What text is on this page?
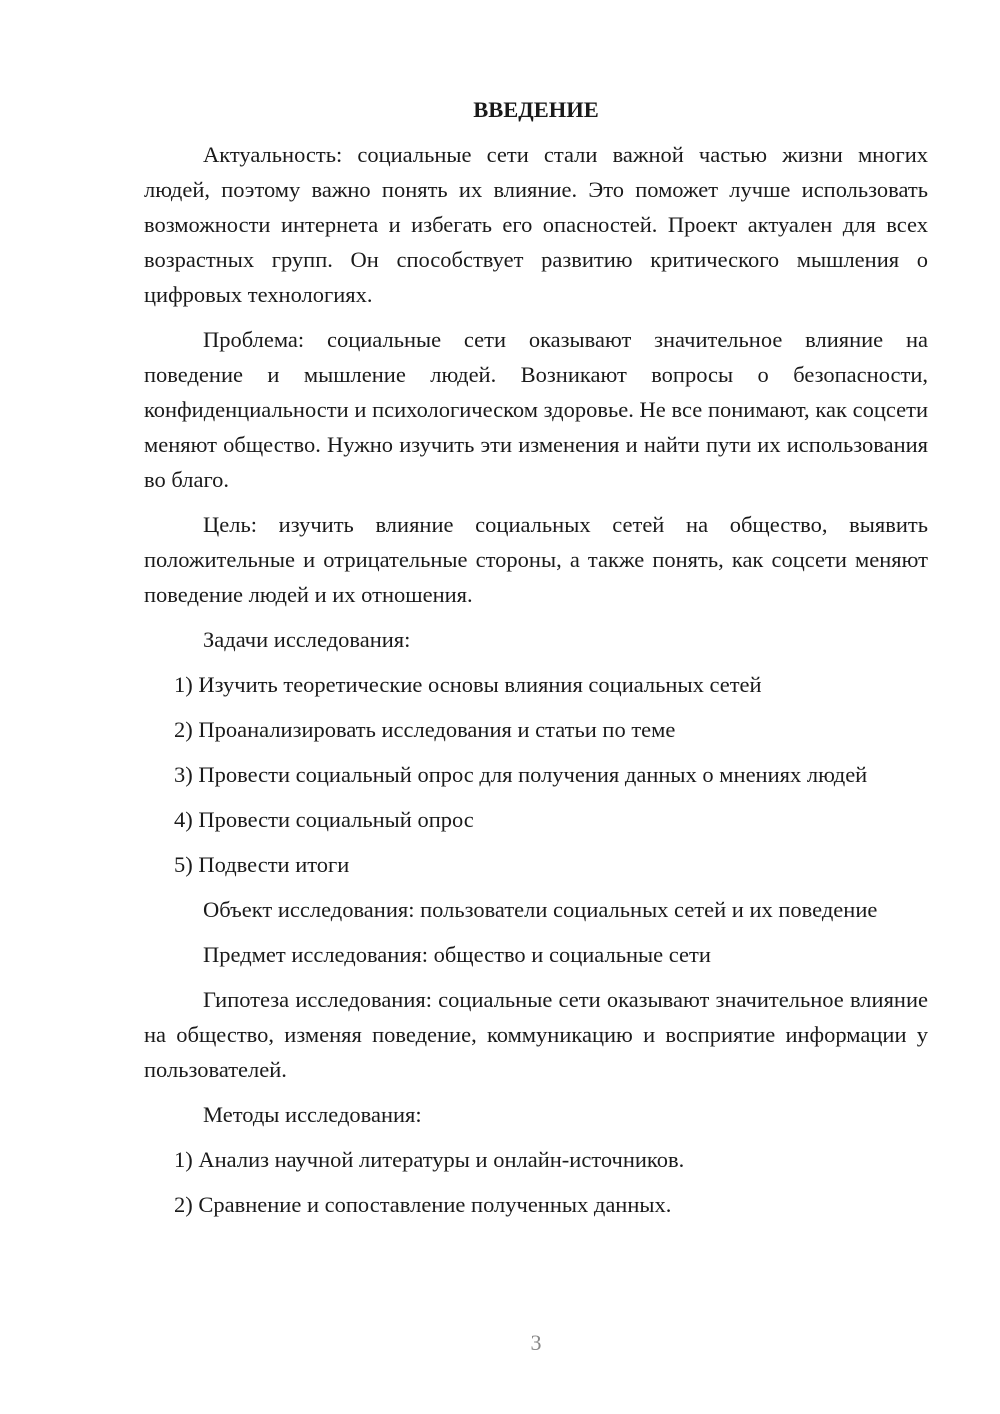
ВВЕДЕНИЕ

Актуальность: социальные сети стали важной частью жизни многих людей, поэтому важно понять их влияние. Это поможет лучше использовать возможности интернета и избегать его опасностей. Проект актуален для всех возрастных групп. Он способствует развитию критического мышления о цифровых технологиях.

Проблема: социальные сети оказывают значительное влияние на поведение и мышление людей. Возникают вопросы о безопасности, конфиденциальности и психологическом здоровье. Не все понимают, как соцсети меняют общество. Нужно изучить эти изменения и найти пути их использования во благо.

Цель: изучить влияние социальных сетей на общество, выявить положительные и отрицательные стороны, а также понять, как соцсети меняют поведение людей и их отношения.

Задачи исследования:

1) Изучить теоретические основы влияния социальных сетей

2) Проанализировать исследования и статьи по теме

3) Провести социальный опрос для получения данных о мнениях людей

4) Провести социальный опрос

5) Подвести итоги

Объект исследования: пользователи социальных сетей и их поведение

Предмет исследования: общество и социальные сети

Гипотеза исследования: социальные сети оказывают значительное влияние на общество, изменяя поведение, коммуникацию и восприятие информации у пользователей.

Методы исследования:

1) Анализ научной литературы и онлайн-источников.

2) Сравнение и сопоставление полученных данных.

3
